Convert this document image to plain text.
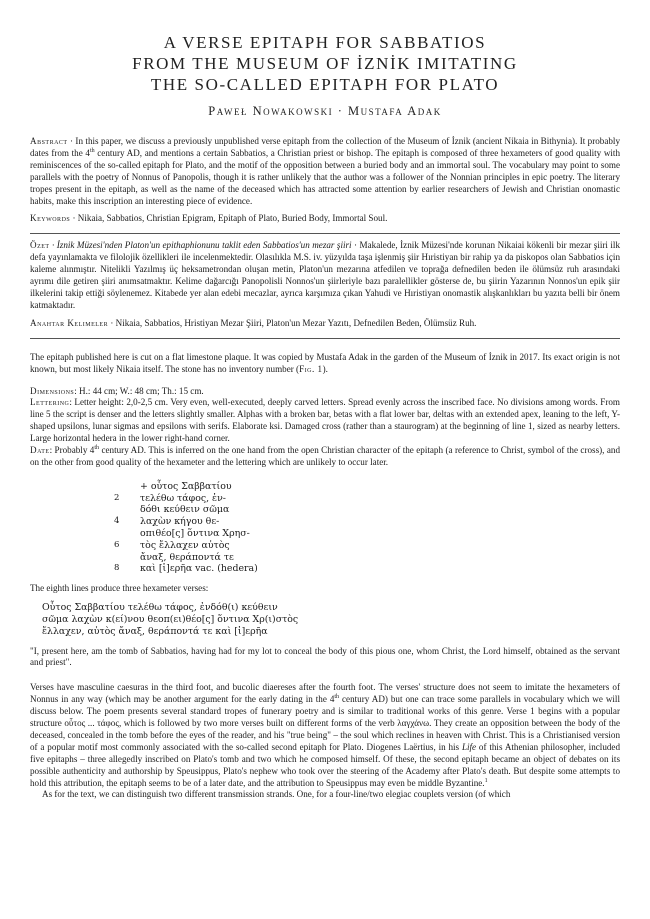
A VERSE EPITAPH FOR SABBATIOS
FROM THE MUSEUM OF İZNİK IMITATING
THE SO-CALLED EPITAPH FOR PLATO
Paweł Nowakowski · Mustafa Adak

Abstract · In this paper, we discuss a previously unpublished verse epitaph from the collection of the Museum of İznik (ancient Nikaia in Bithynia). It probably dates from the 4th century AD, and mentions a certain Sabbatios, a Christian priest or bishop. The epitaph is composed of three hexameters of good quality with reminiscences of the so-called epitaph for Plato, and the motif of the opposition between a buried body and an immortal soul. The vocabulary may point to some parallels with the poetry of Nonnus of Panopolis, though it is rather unlikely that the author was a follower of the Nonnian principles in epic poetry. The literary tropes present in the epitaph, as well as the name of the deceased which has attracted some attention by earlier researchers of Jewish and Christian onomastic habits, make this inscription an interesting piece of evidence.

Keywords · Nikaia, Sabbatios, Christian Epigram, Epitaph of Plato, Buried Body, Immortal Soul.

Özet · İznik Müzesi'nden Platon'un epithaphionunu taklit eden Sabbatios'un mezar şiiri · Makalede, İznik Müzesi'nde korunan Nikaiai kökenli bir mezar şiiri ilk defa yayınlamakta ve filolojik özellikleri ile incelenmektedir. Olasılıkla M.S. iv. yüzyılda taşa işlenmiş şiir Hıristiyan bir rahip ya da piskopos olan Sabbatios için kaleme alınmıştır. Nitelikli Yazılmış üç heksametrondan oluşan metin, Platon'un mezarına atfedilen ve toprağa defnedilen beden ile ölümsüz ruh arasındaki ayrımı dile getiren şiiri anımsatmaktır. Kelime dağarcığı Panopolisli Nonnos'un şiirleriyle bazı paralellikler gösterse de, bu şiirin Yazarının Nonnos'un epik şiir ilkelerini takip ettiği söylenemez. Kitabede yer alan edebi mecazlar, ayrıca karşımıza çıkan Yahudi ve Hıristiyan onomastik alışkanlıkları bu yazıta belli bir önem katmaktadır.

Anahtar Kelimeler · Nikaia, Sabbatios, Hristiyan Mezar Şiiri, Platon'un Mezar Yazıtı, Defnedilen Beden, Ölümsüz Ruh.

The epitaph published here is cut on a flat limestone plaque. It was copied by Mustafa Adak in the garden of the Museum of İznik in 2017. Its exact origin is not known, but most likely Nikaia itself. The stone has no inventory number (Fig. 1).

Dimensions: H.: 44 cm; W.: 48 cm; Th.: 15 cm.

Lettering: Letter height: 2,0-2,5 cm. Very even, well-executed, deeply carved letters. Spread evenly across the inscribed face. No divisions among words. From line 5 the script is denser and the letters slightly smaller. Alphas with a broken bar, betas with a flat lower bar, deltas with an extended apex, leaning to the left, Y-shaped upsilons, lunar sigmas and epsilons with serifs. Elaborate ksi. Damaged cross (rather than a staurogram) at the beginning of line 1, sized as nearby letters. Large horizontal hedera in the lower right-hand corner.

Date: Probably 4th century AD. This is inferred on the one hand from the open Christian character of the epitaph (a reference to Christ, symbol of the cross), and on the other from good quality of the hexameter and the lettering which are unlikely to occur later.

+ οὗτος Σαββατίου
2	τελέθω τάφος, ἐν-
δόθι κεύθειν σῶμα
4	λαχὼν κήγου θε-
οπιθέο[ς] ὅντινα Χρησ-
6	τὸς ἔλλαχεν αὐτὸς
ἄναξ, θεράποντά τε
8	καὶ [ἱ]ερῆα vac. (hedera)

The eighth lines produce three hexameter verses:

Οὗτος Σαββατίου τελέθω τάφος, ἐνδόθ(ι) κεύθειν
σῶμα λαχὼν κ(εί)νου θεοπ(ει)θέο[ς] ὅντινα Χρ(ι)στὸς
ἔλλαχεν, αὐτὸς ἄναξ, θεράποντά τε καὶ [ἱ]ερῆα

"I, present here, am the tomb of Sabbatios, having had for my lot to conceal the body of this pious one, whom Christ, the Lord himself, obtained as the servant and priest".

Verses have masculine caesuras in the third foot, and bucolic diaereses after the fourth foot. The verses' structure does not seem to imitate the hexameters of Nonnus in any way (which may be another argument for the early dating in the 4th century AD) but one can trace some parallels in vocabulary which we will discuss below. The poem presents several standard tropes of funerary poetry and is similar to traditional works of this genre. Verse 1 begins with a popular structure οὗτος ... τάφος, which is followed by two more verses built on different forms of the verb λαγχάνω. They create an opposition between the body of the deceased, concealed in the tomb before the eyes of the reader, and his "true being" – the soul which reclines in heaven with Christ. This is a Christianised version of a popular motif most commonly associated with the so-called second epitaph for Plato. Diogenes Laërtius, in his Life of this Athenian philosopher, included five epitaphs – three allegedly inscribed on Plato's tomb and two which he composed himself. Of these, the second epitaph became an object of debates on its possible authenticity and authorship by Speusippus, Plato's nephew who took over the steering of the Academy after Plato's death. But despite some attempts to hold this attribution, the epitaph seems to be of a later date, and the attribution to Speusippus may even be middle Byzantine.$^1$

As for the text, we can distinguish two different transmission strands. One, for a four-line/two elegiac couplets version (of which
